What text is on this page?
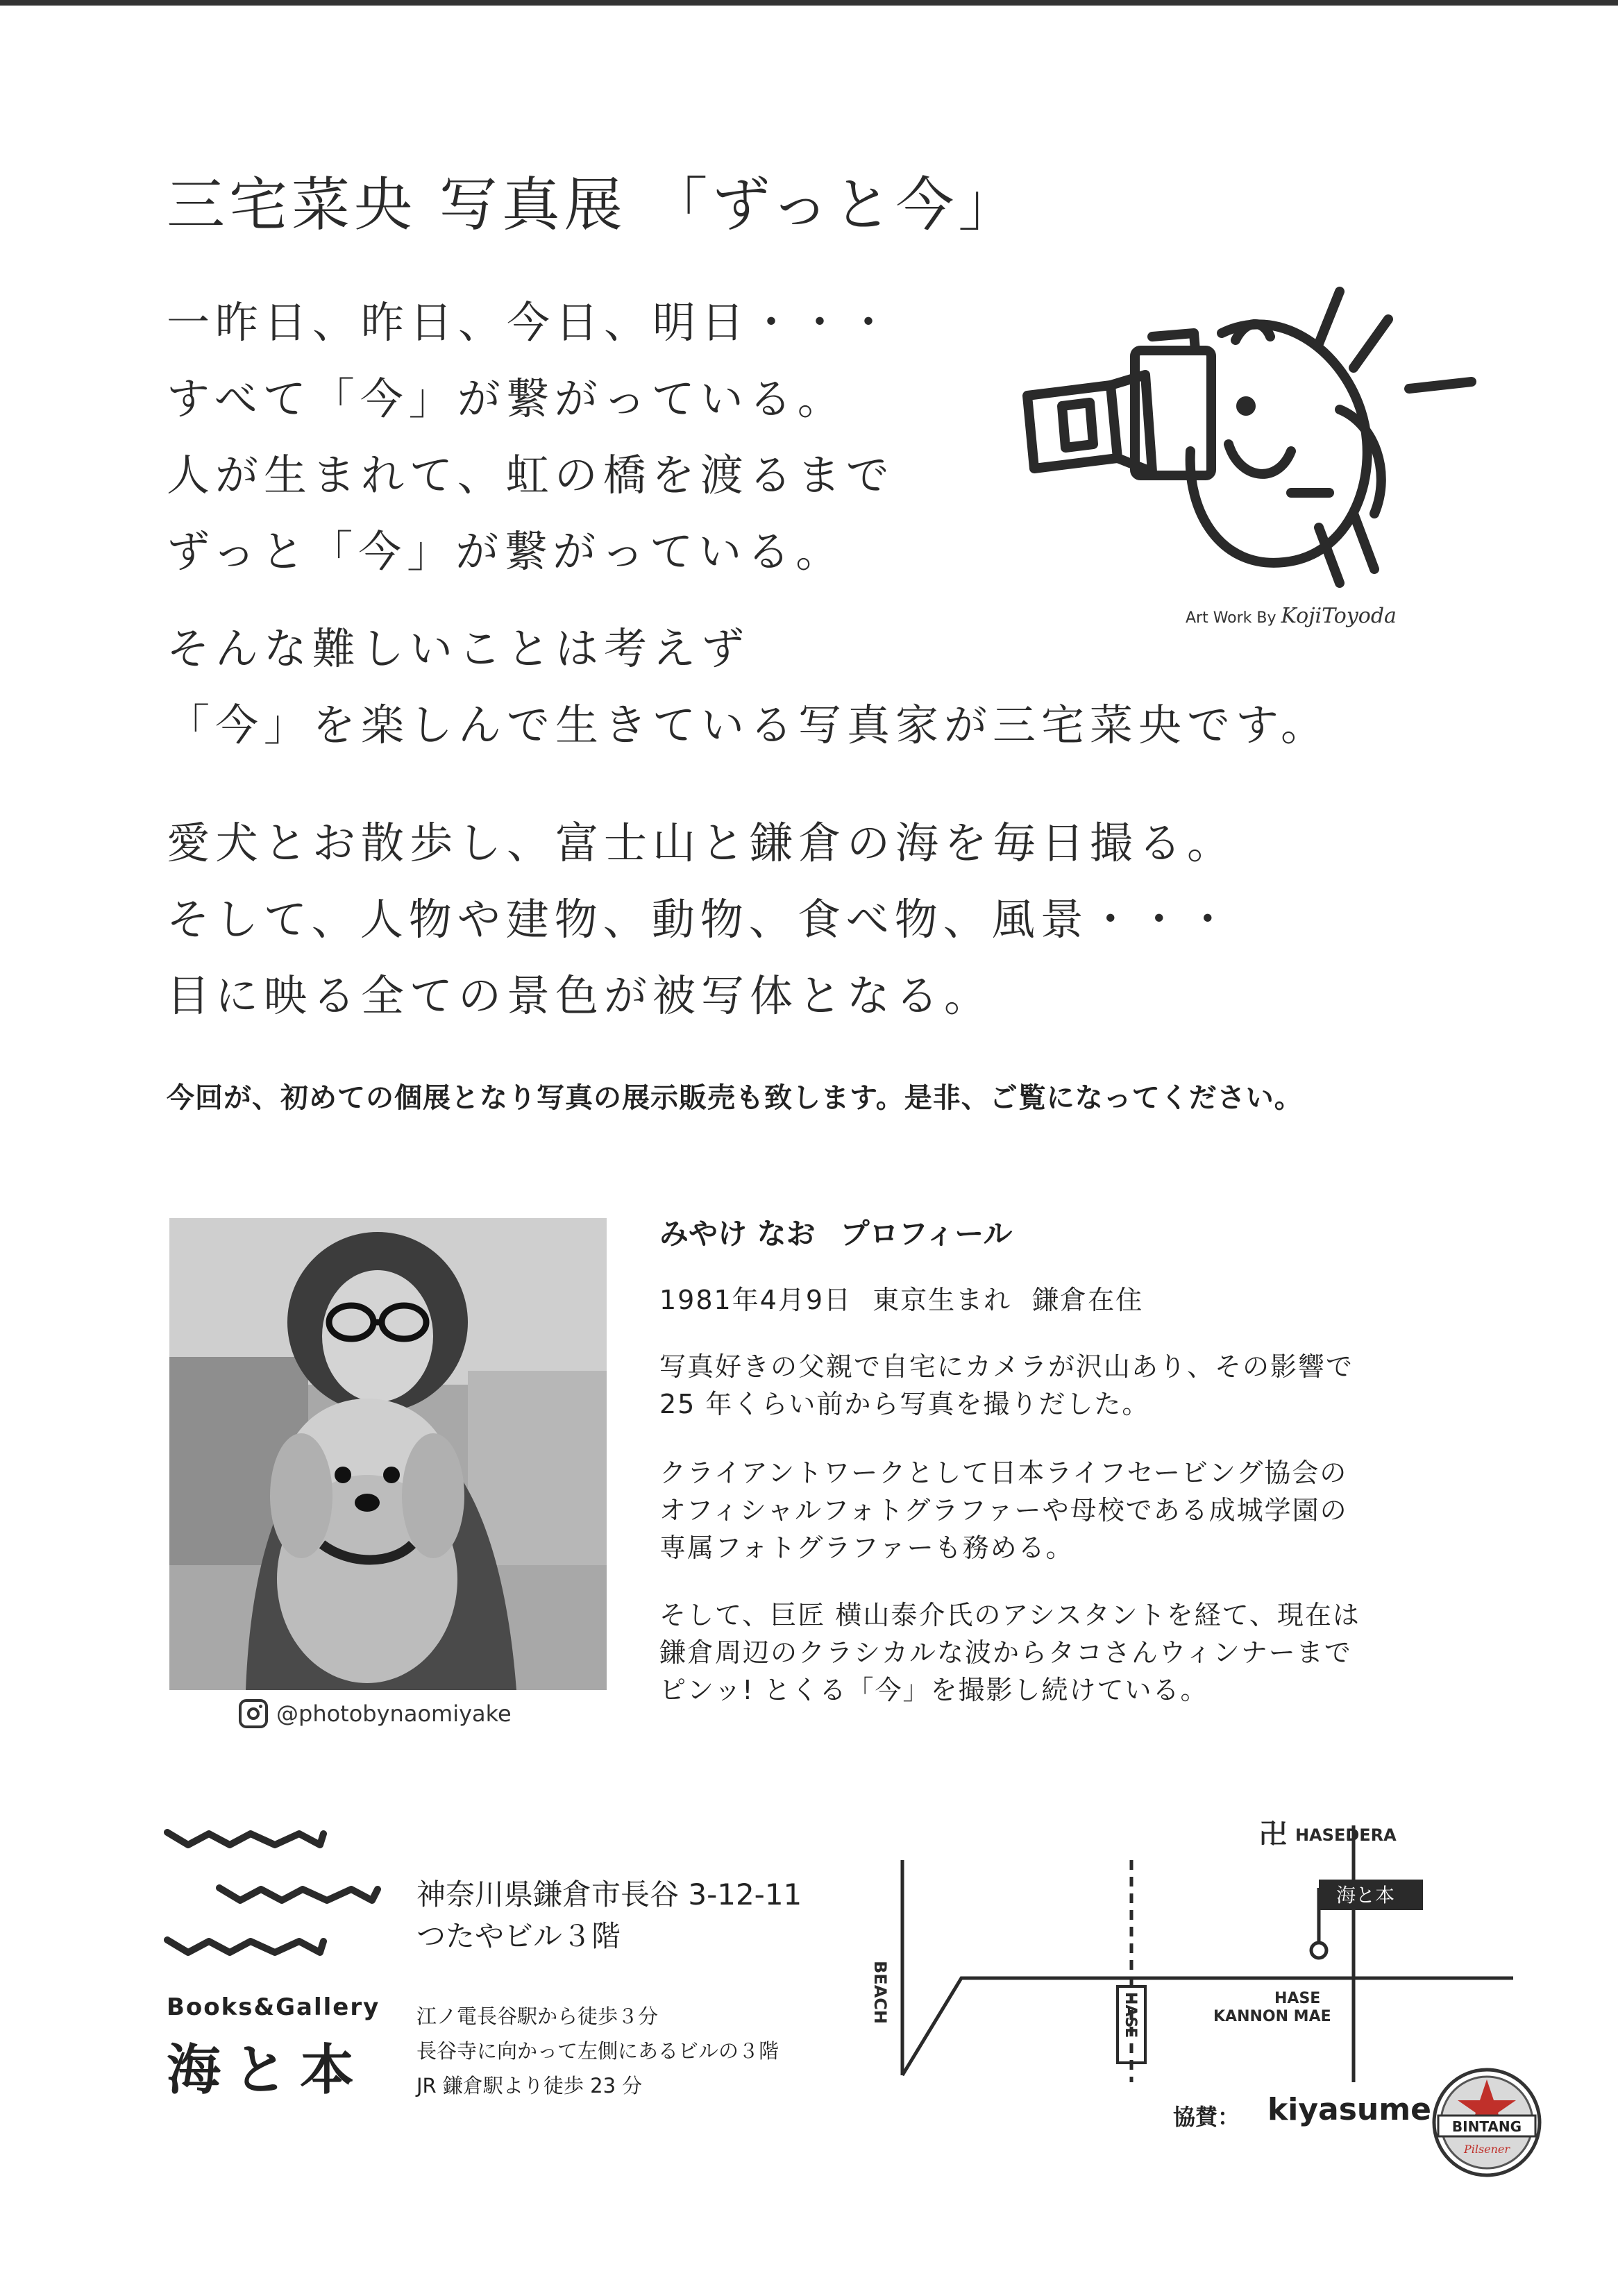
三宅菜央 写真展 「ずっと今」
一昨日、昨日、今日、明日・・・
すべて「今」が繋がっている。
人が生まれて、虹の橋を渡るまで
ずっと「今」が繋がっている。
そんな難しいことは考えず
「今」を楽しんで生きている写真家が三宅菜央です。
愛犬とお散歩し、富士山と鎌倉の海を毎日撮る。
そして、人物や建物、動物、食べ物、風景・・・
目に映る全ての景色が被写体となる。
Art Work By KojiToyoda
今回が、初めての個展となり写真の展示販売も致します。是非、ご覧になってください。
@photobynaomiyake
みやけ なお プロフィール
1981年4月9日 東京生まれ 鎌倉在住
写真好きの父親で自宅にカメラが沢山あり、その影響で
25 年くらい前から写真を撮りだした。
クライアントワークとして日本ライフセービング協会の
オフィシャルフォトグラファーや母校である成城学園の
専属フォトグラファーも務める。
そして、巨匠 横山泰介氏のアシスタントを経て、現在は
鎌倉周辺のクラシカルな波からタコさんウィンナーまで
ピンッ! とくる「今」を撮影し続けている。
Books&Gallery
海と本
神奈川県鎌倉市長谷 3-12-11
つたやビル３階
江ノ電長谷駅から徒歩３分
長谷寺に向かって左側にあるビルの３階
JR 鎌倉駅より徒歩 23 分
海と本
卍 HASEDERA
BEACH	HASE	HASE
KANNON MAE
協賛： kiyasume BINTANG
Pilsener
